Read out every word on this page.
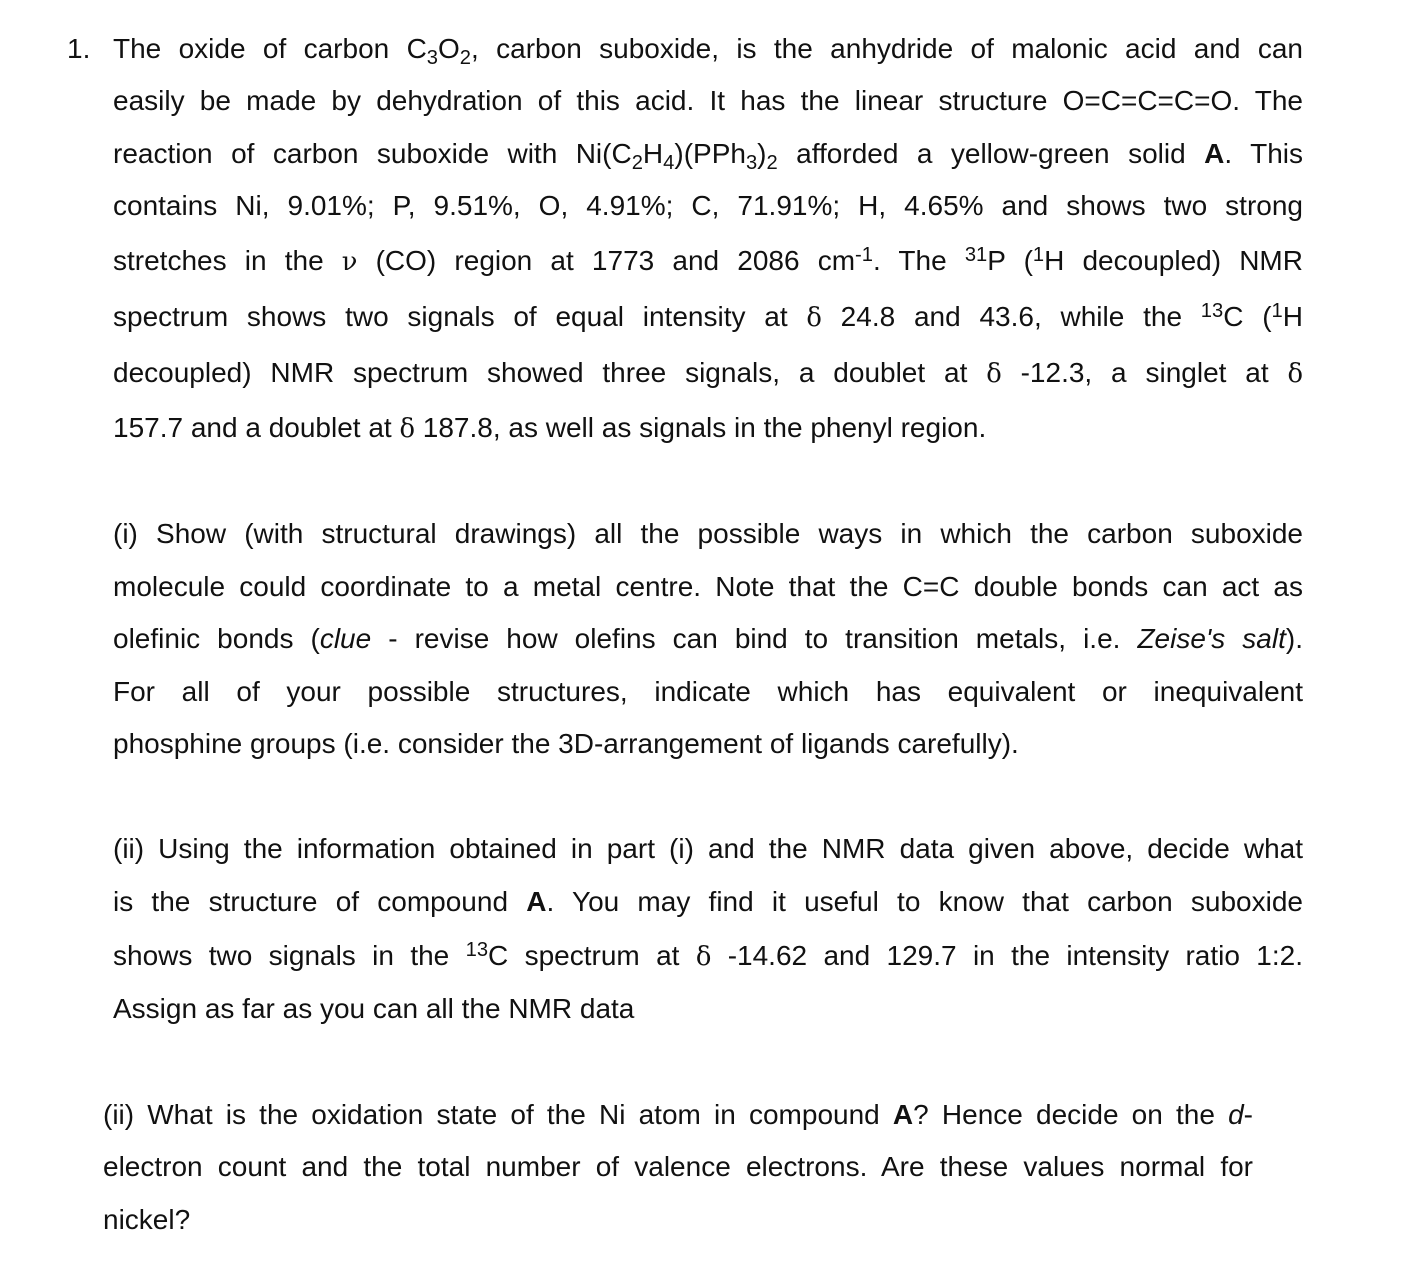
1. The oxide of carbon $C_3O_2$, carbon suboxide, is the anhydride of malonic acid and can
easily be made by dehydration of this acid. It has the linear structure O=C=C=C=O. The
reaction of carbon suboxide with $Ni(C_2H_4)(PPh_3)_2$ afforded a yellow-green solid A. This
contains Ni, 9.01%; P, 9.51%, O, 4.91%; C, 71.91%; H, 4.65% and shows two strong
stretches in the ν (CO) region at 1773 and 2086 $cm^{-1}$. The $^{31}$P ($^1$H decoupled) NMR
spectrum shows two signals of equal intensity at δ 24.8 and 43.6, while the $^{13}$C ($^1$H
decoupled) NMR spectrum showed three signals, a doublet at δ -12.3, a singlet at δ
157.7 and a doublet at δ 187.8, as well as signals in the phenyl region.
(i) Show (with structural drawings) all the possible ways in which the carbon suboxide
molecule could coordinate to a metal centre. Note that the C=C double bonds can act as
olefinic bonds (clue - revise how olefins can bind to transition metals, i.e. Zeise's salt).
For all of your possible structures, indicate which has equivalent or inequivalent
phosphine groups (i.e. consider the 3D-arrangement of ligands carefully).
(ii) Using the information obtained in part (i) and the NMR data given above, decide what
is the structure of compound A. You may find it useful to know that carbon suboxide
shows two signals in the $^{13}$C spectrum at δ -14.62 and 129.7 in the intensity ratio 1:2.
Assign as far as you can all the NMR data
(ii) What is the oxidation state of the Ni atom in compound A? Hence decide on the d-
electron count and the total number of valence electrons. Are these values normal for
nickel?
